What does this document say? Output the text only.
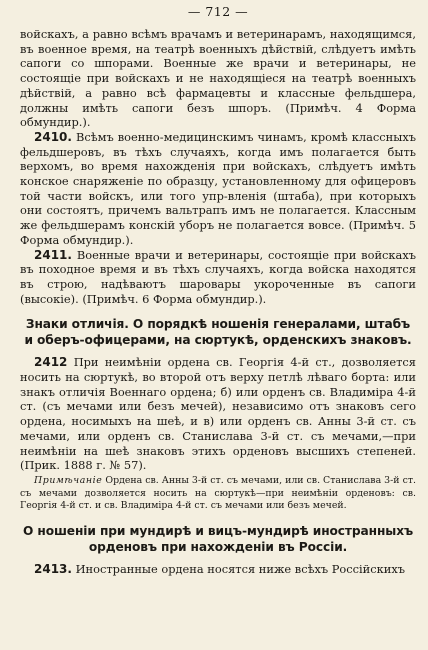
— 712 —

войскахъ, а равно всѣмъ врачамъ и ветеринарамъ, находящимся, въ военное время, на театрѣ военныхъ дѣйствій, слѣдуетъ имѣть сапоги со шпорами. Военные же врачи и ветеринары, не состоящіе при войскахъ и не находящіеся на театрѣ военныхъ дѣйствій, а равно всѣ фармацевты и классные фельдшера, должны имѣть сапоги безъ шпоръ. (Примѣч. 4 Форма обмундир.).

2410. Всѣмъ военно-медицинскимъ чинамъ, кромѣ классныхъ фельдшеровъ, въ тѣхъ случаяхъ, когда имъ полагается быть верхомъ, во время нахожденія при войскахъ, слѣдуетъ имѣть конское снаряженіе по образцу, установленному для офицеровъ той части войскъ, или того упр-вленія (штаба), при которыхъ они состоятъ, причемъ вальтрапъ имъ не полагается. Классным же фельдшерамъ конскій уборъ не полагается вовсе. (Примѣч. 5 Форма обмундир.).

2411. Военные врачи и ветеринары, состоящіе при войскахъ въ походное время и въ тѣхъ случаяхъ, когда войска находятся въ строю, надѣваютъ шаровары укороченные въ сапоги (высокіе). (Примѣч. 6 Форма обмундир.).

Знаки отличія. О порядкѣ ношенія генералами, штабъ и оберъ-офицерами, на сюртукѣ, орденскихъ знаковъ.

2412 При неимѣніи ордена св. Георгія 4-й ст., дозволяется носить на сюртукѣ, во второй отъ верху петлѣ лѣваго борта: или знакъ отличія Военнаго ордена; б) или орденъ св. Владиміра 4-й ст. (съ мечами или безъ мечей), независимо отъ знаковъ сего ордена, носимыхъ на шеѣ, и в) или орденъ св. Анны 3-й ст. съ мечами, или орденъ св. Станислава 3-й ст. съ мечами,—при неимѣніи на шеѣ знаковъ этихъ орденовъ высшихъ степеней. (Прик. 1888 г. № 57).

Примѣчаніе Ордена св. Анны 3-й ст. съ мечами, или св. Станислава 3-й ст. съ мечами дозволяется носить на сюртукѣ—при неимѣніи орденовъ: св. Георгія 4-й ст. и св. Владиміра 4-й ст. съ мечами или безъ мечей.

О ношеніи при мундирѣ и вицъ-мундирѣ иностранныхъ орденовъ при нахожденіи въ Россіи.

2413. Иностранные ордена носятся ниже всѣхъ Россійскихъ
